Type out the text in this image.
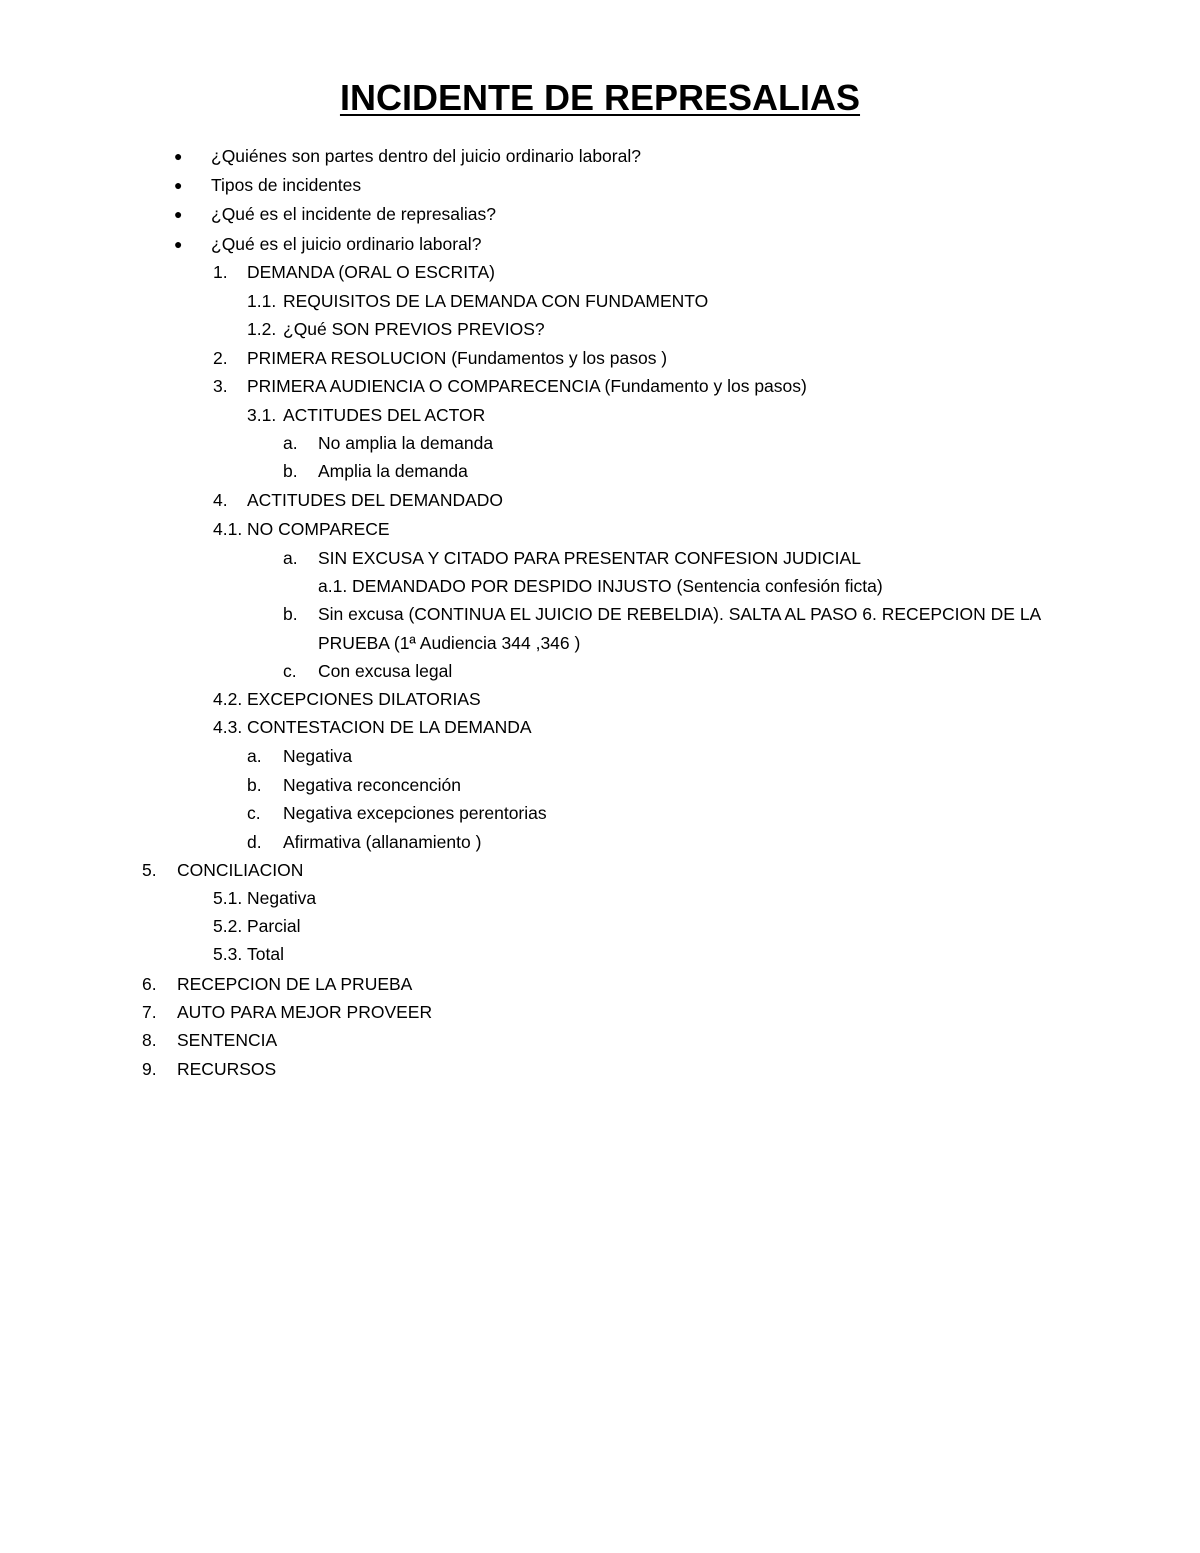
INCIDENTE DE REPRESALIAS
● ¿Quiénes son partes dentro del juicio ordinario laboral?
● Tipos de incidentes
● ¿Qué es el incidente de represalias?
● ¿Qué es el juicio ordinario laboral?
1. DEMANDA (ORAL O ESCRITA)
1.1. REQUISITOS DE LA DEMANDA CON FUNDAMENTO
1.2. ¿Qué SON PREVIOS PREVIOS?
2. PRIMERA RESOLUCION (Fundamentos y los pasos )
3. PRIMERA AUDIENCIA O COMPARECENCIA (Fundamento y los pasos)
3.1. ACTITUDES DEL ACTOR
a. No amplia la demanda
b. Amplia la demanda
4. ACTITUDES DEL DEMANDADO
4.1. NO COMPARECE
a. SIN EXCUSA Y CITADO PARA PRESENTAR CONFESION JUDICIAL
a.1. DEMANDADO POR DESPIDO INJUSTO (Sentencia confesión ficta)
b. Sin excusa (CONTINUA EL JUICIO DE REBELDIA). SALTA AL PASO 6. RECEPCION DE LA
PRUEBA (1ª Audiencia 344 ,346 )
c. Con excusa legal
4.2. EXCEPCIONES DILATORIAS
4.3. CONTESTACION DE LA DEMANDA
a. Negativa
b. Negativa reconcención
c. Negativa excepciones perentorias
d. Afirmativa (allanamiento )
5. CONCILIACION
5.1. Negativa
5.2. Parcial
5.3. Total
6. RECEPCION DE LA PRUEBA
7. AUTO PARA MEJOR PROVEER
8. SENTENCIA
9. RECURSOS
